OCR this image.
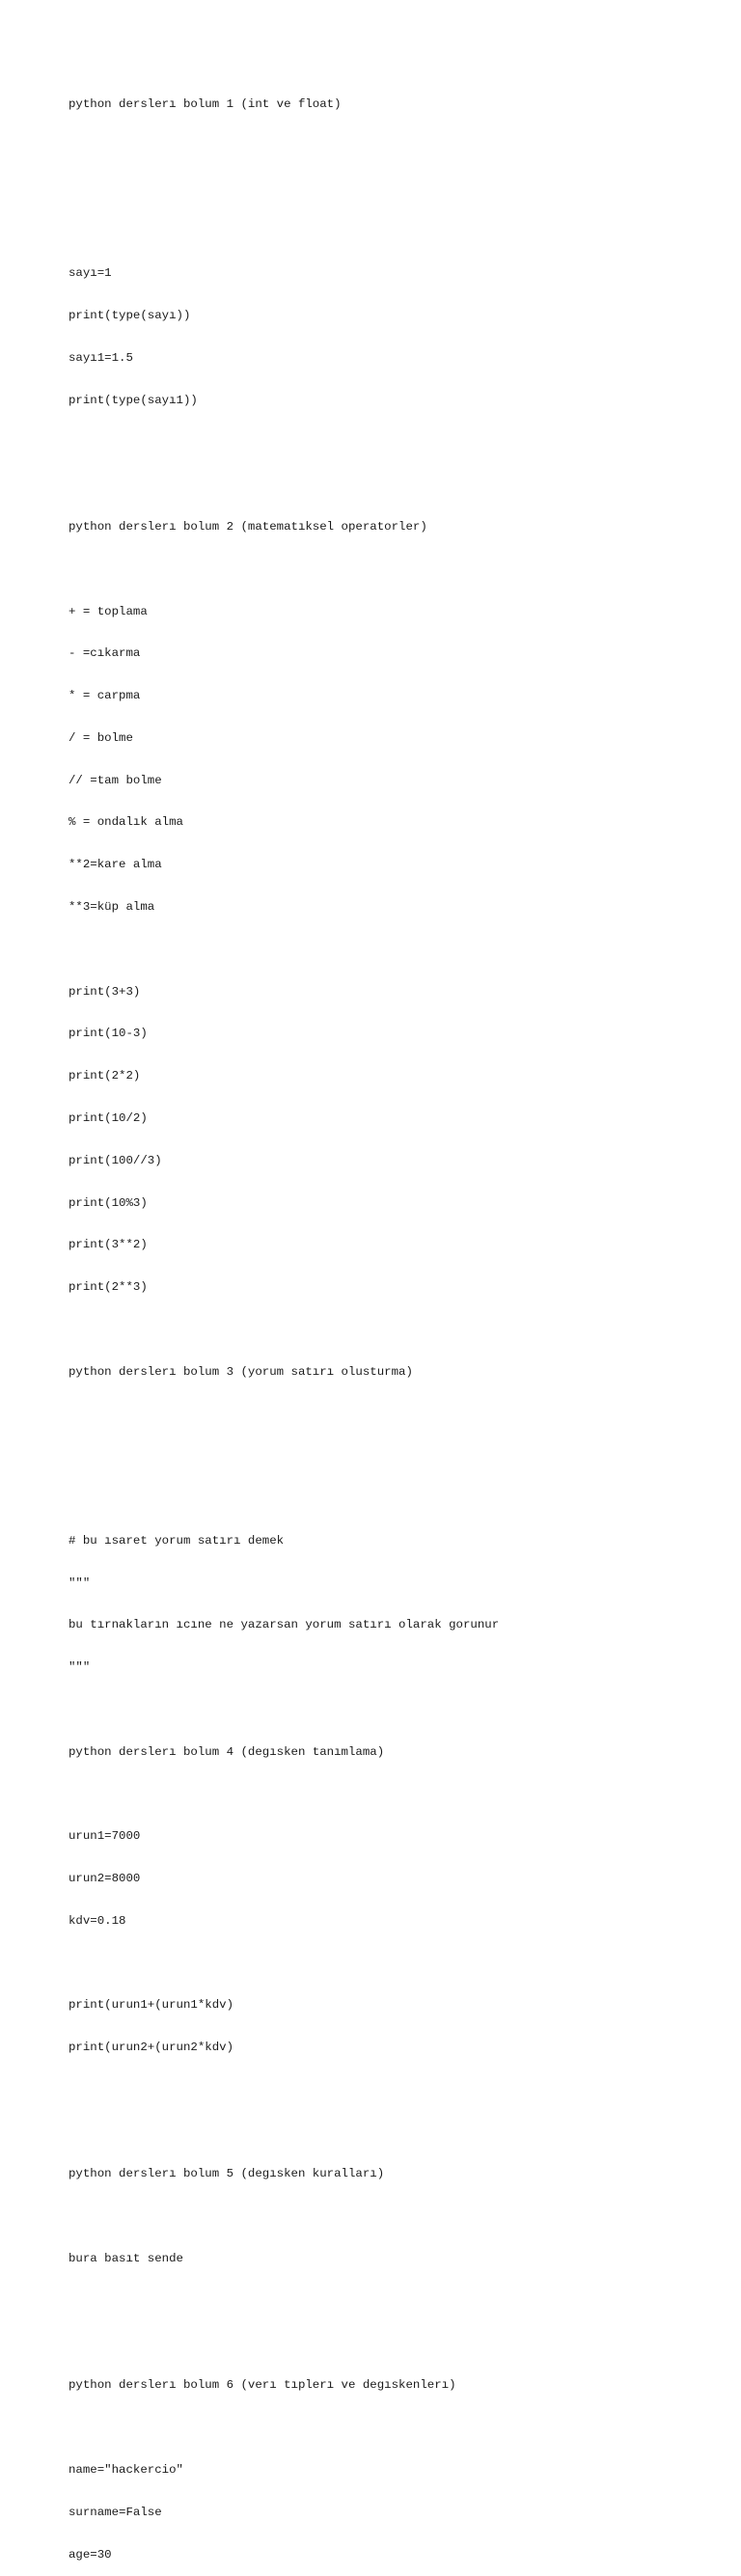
python derslerı bolum 1 (int ve float)

sayı=1

print(type(sayı))

sayı1=1.5

print(type(sayı1))

python derslerı bolum 2 (matematıksel operatorler)

+ = toplama

- =cıkarma

* = carpma

/ = bolme

// =tam bolme

% = ondalık alma

**2=kare alma

**3=küp alma

print(3+3)

print(10-3)

print(2*2)

print(10/2)

print(100//3)

print(10%3)

print(3**2)

print(2**3)

python derslerı bolum 3 (yorum satırı olusturma)

# bu ısaret yorum satırı demek

"""

bu tırnakların ıcıne ne yazarsan yorum satırı olarak gorunur

"""

python derslerı bolum 4 (degısken tanımlama)

urun1=7000

urun2=8000

kdv=0.18

print(urun1+(urun1*kdv)

print(urun2+(urun2*kdv)

python derslerı bolum 5 (degısken kuralları)

bura basıt sende

python derslerı bolum 6 (verı tıplerı ve degıskenlerı)

name="hackercio"

surname=False

age=30
